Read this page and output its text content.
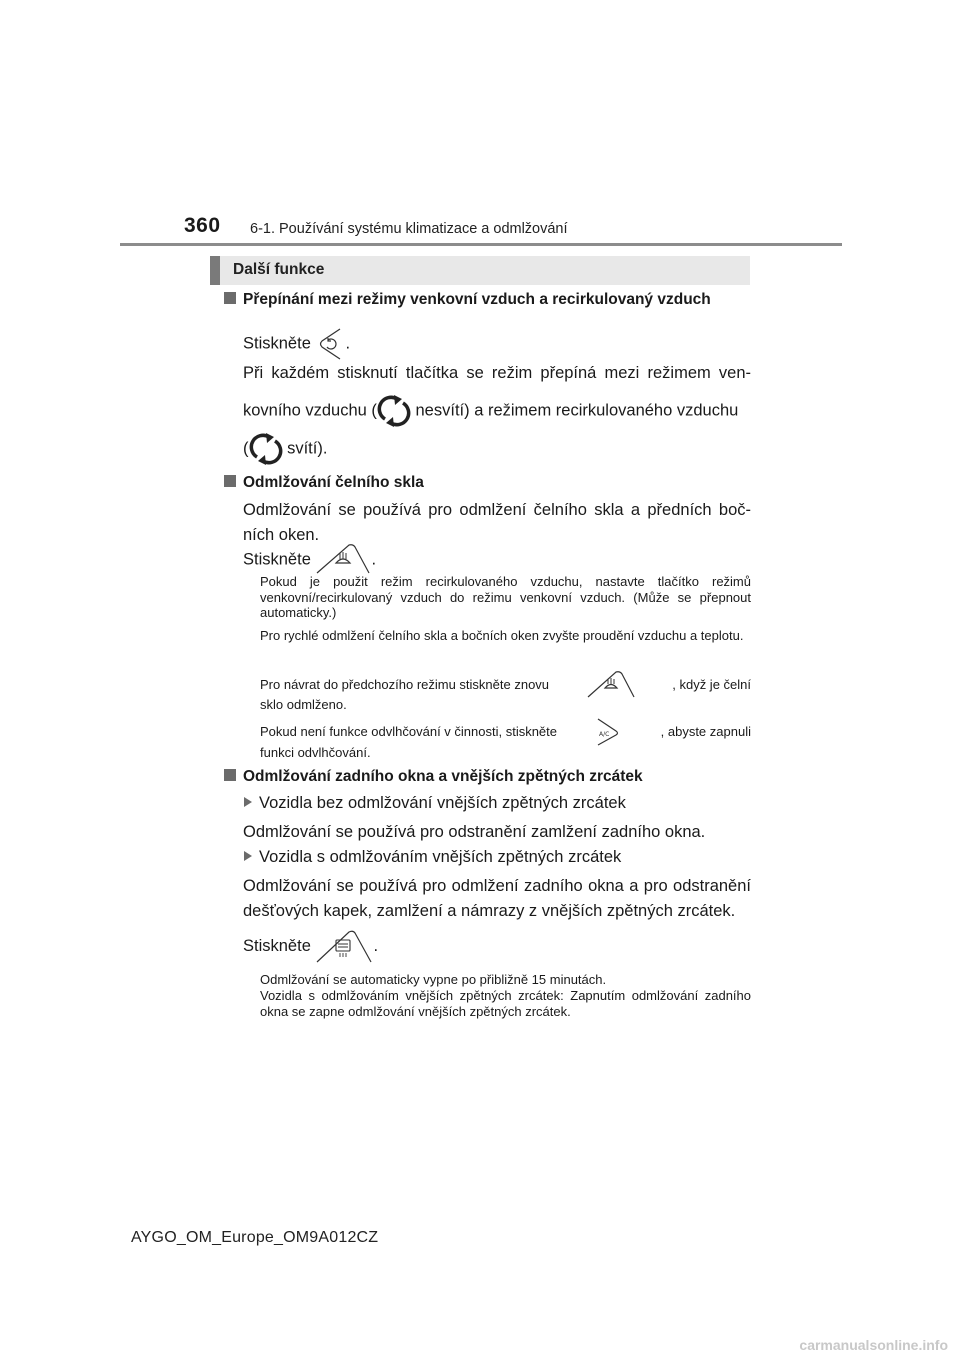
360 6-1. Používání systému klimatizace a odmlžování
Další funkce
Přepínání mezi režimy venkovní vzduch a recirkulovaný vzduch
Stiskněte .
Při každém stisknutí tlačítka se režim přepíná mezi režimem ven-
kovního vzduchu (
nesvítí) a režimem recirkulovaného vzduchu
(
svítí).
Odmlžování čelního skla
Odmlžování se používá pro odmlžení čelního skla a předních boč-ních oken.
Stiskněte	.
Pokud je použit režim recirkulovaného vzduchu, nastavte tlačítko režimů venkovní/recirkulovaný vzduch do režimu venkovní vzduch. (Může se přepnout automaticky.)
Pro rychlé odmlžení čelního skla a bočních oken zvyšte proudění vzduchu a teplotu.
Pro návrat do předchozího režimu stiskněte znovu	, když je čelní
sklo odmlženo.
Pokud není funkce odvlhčování v činnosti, stiskněte	A/C	, abyste zapnuli
funkci odvlhčování.
Odmlžování zadního okna a vnějších zpětných zrcátek
Vozidla bez odmlžování vnějších zpětných zrcátek
Odmlžování se používá pro odstranění zamlžení zadního okna.
Vozidla s odmlžováním vnějších zpětných zrcátek
Odmlžování se používá pro odmlžení zadního okna a pro odstranění dešťových kapek, zamlžení a námrazy z vnějších zpětných zrcátek.
Stiskněte	.
Odmlžování se automaticky vypne po přibližně 15 minutách.
Vozidla s odmlžováním vnějších zpětných zrcátek: Zapnutím odmlžování zadního okna se zapne odmlžování vnějších zpětných zrcátek.
AYGO_OM_Europe_OM9A012CZ
carmanualsonline.info
